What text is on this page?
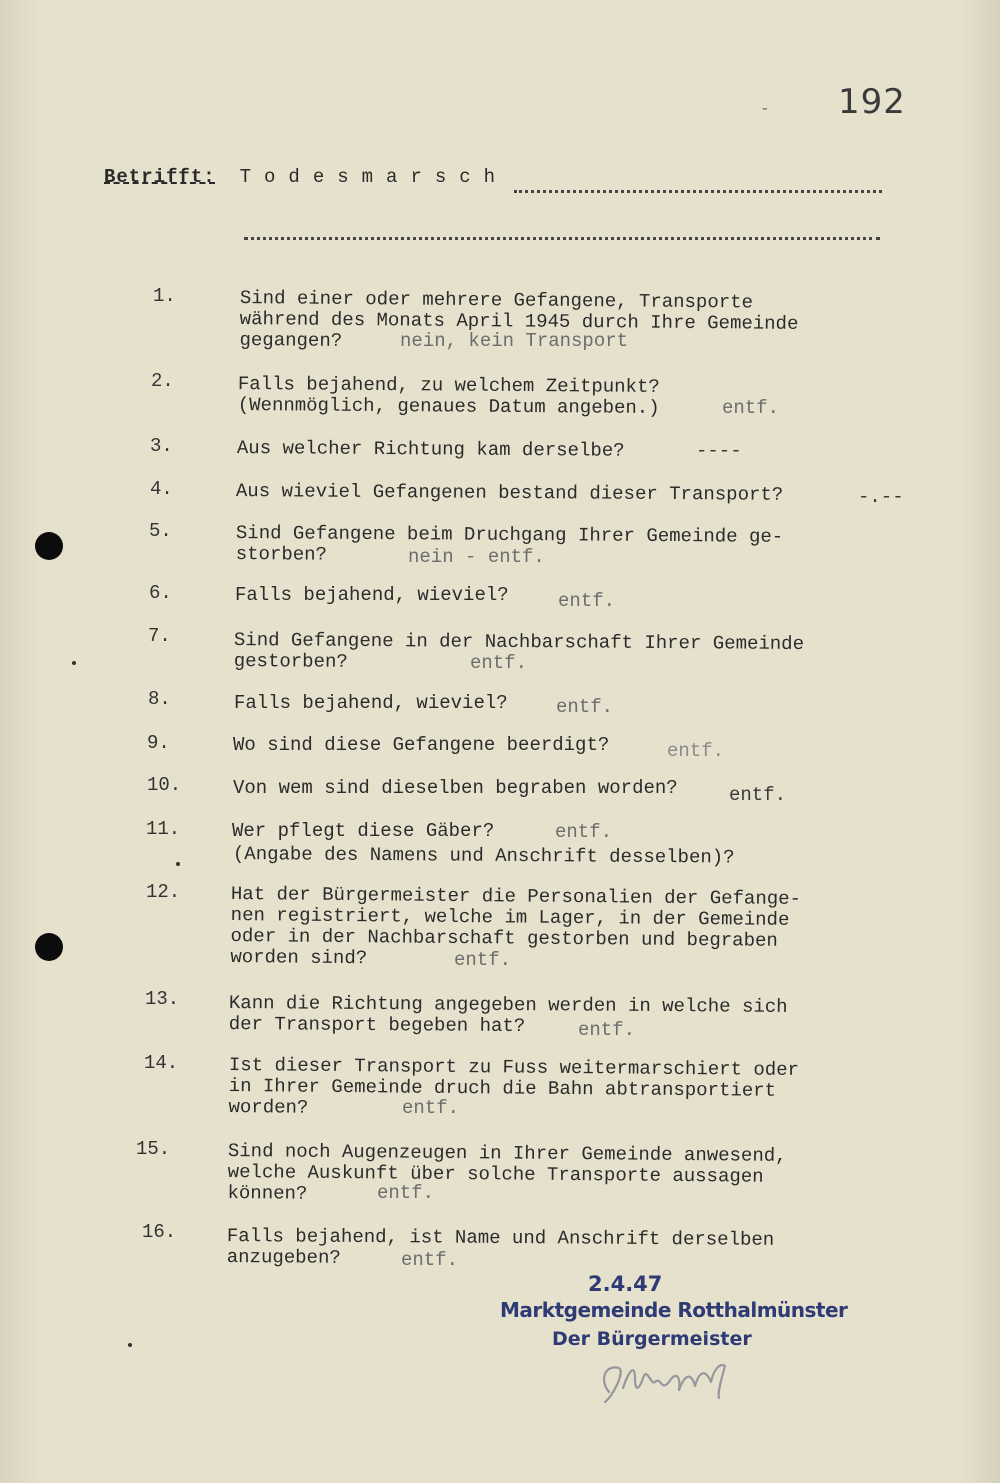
- 192
Betrifft: Todesmarsch
1.	Sind einer oder mehrere Gefangene, Transporte
während des Monats April 1945 durch Ihre Gemeinde
gegangen?	nein, kein Transport
2.	Falls bejahend, zu welchem Zeitpunkt?
(Wennmöglich, genaues Datum angeben.)	entf.
3.	Aus welcher Richtung kam derselbe?	----
4.	Aus wieviel Gefangenen bestand dieser Transport?	-.--
5.	Sind Gefangene beim Druchgang Ihrer Gemeinde ge-
storben?	nein - entf.
6.	Falls bejahend, wieviel?	entf.
7.	Sind Gefangene in der Nachbarschaft Ihrer Gemeinde
gestorben?	entf.
8.	Falls bejahend, wieviel?	entf.
9.	Wo sind diese Gefangene beerdigt?	entf.
10.	Von wem sind dieselben begraben worden?	entf.
11.	Wer pflegt diese Gäber?	entf.
(Angabe des Namens und Anschrift desselben)?
12.	Hat der Bürgermeister die Personalien der Gefange-
nen registriert, welche im Lager, in der Gemeinde
oder in der Nachbarschaft gestorben und begraben
worden sind?	entf.
13.	Kann die Richtung angegeben werden in welche sich
der Transport begeben hat?	entf.
14.	Ist dieser Transport zu Fuss weitermarschiert oder
in Ihrer Gemeinde druch die Bahn abtransportiert
worden?	entf.
15.	Sind noch Augenzeugen in Ihrer Gemeinde anwesend,
welche Auskunft über solche Transporte aussagen
können?	entf.
16.	Falls bejahend, ist Name und Anschrift derselben
anzugeben?	entf.
2.4.47
Marktgemeinde Rotthalmünster
Der Bürgermeister
